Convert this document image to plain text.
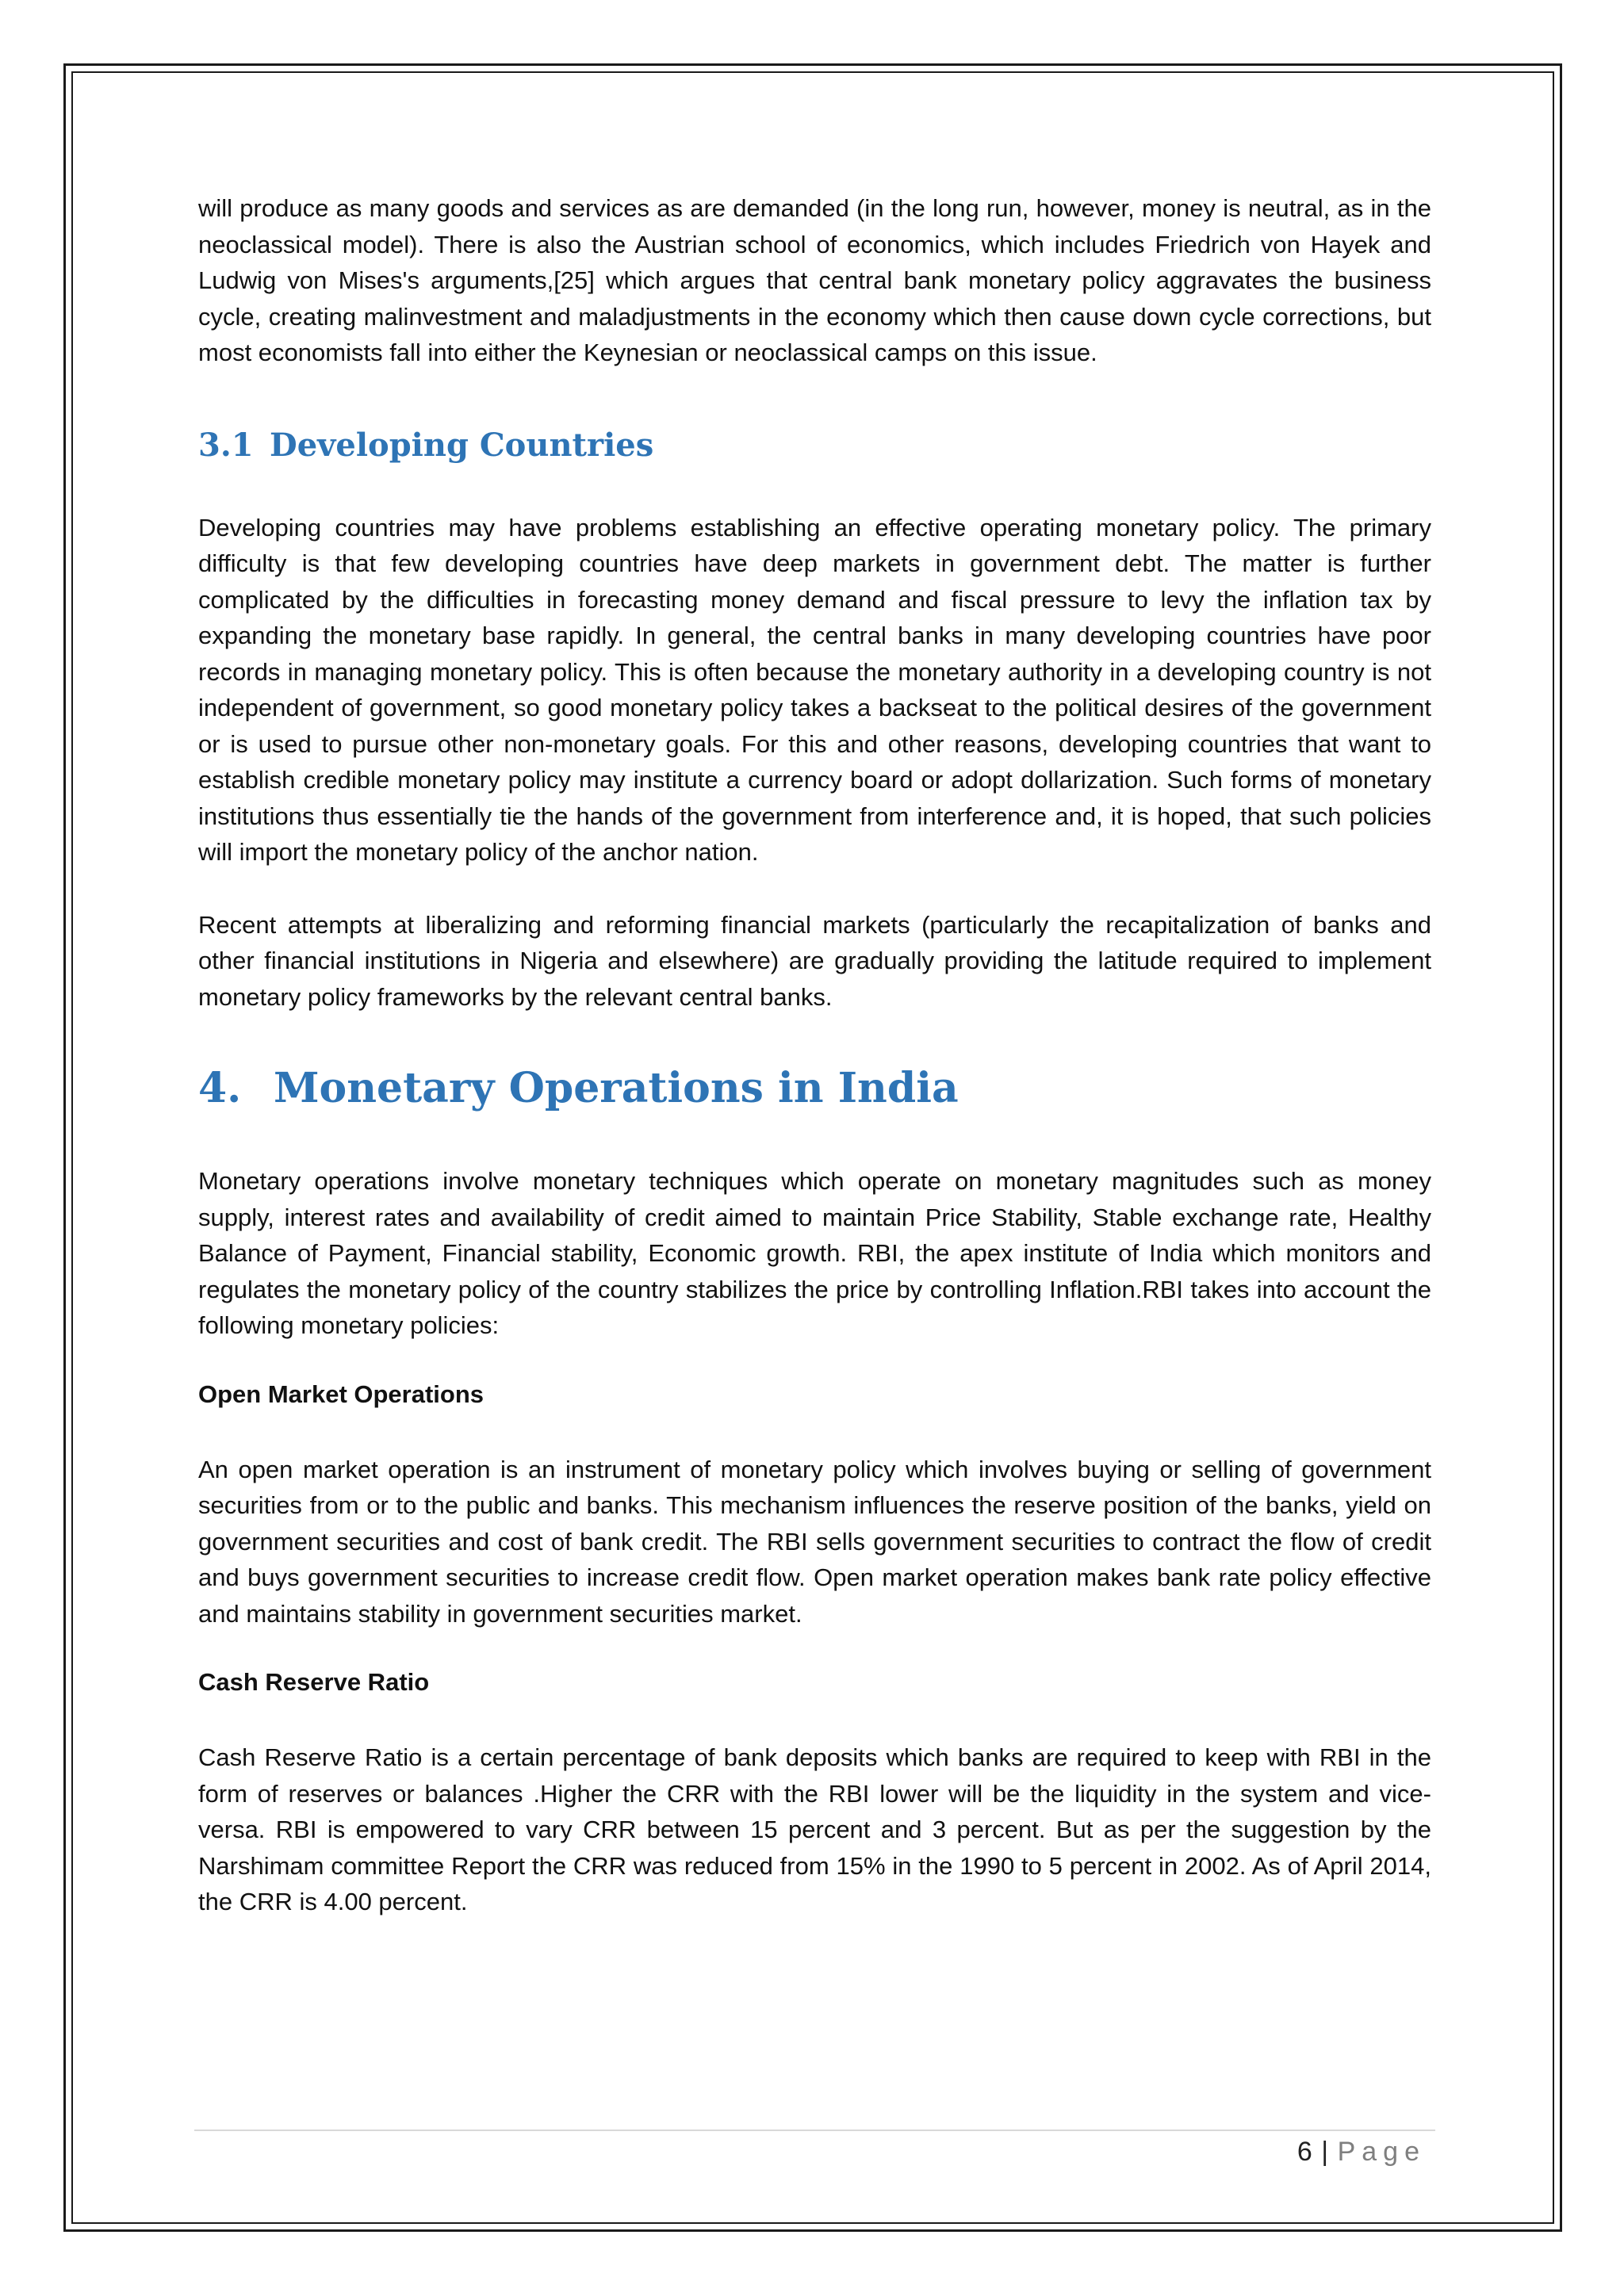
will produce as many goods and services as are demanded (in the long run, however, money is neutral, as in the neoclassical model). There is also the Austrian school of economics, which includes Friedrich von Hayek and Ludwig von Mises's arguments,[25] which argues that central bank monetary policy aggravates the business cycle, creating malinvestment and maladjustments in the economy which then cause down cycle corrections, but most economists fall into either the Keynesian or neoclassical camps on this issue.

3.1 Developing Countries

Developing countries may have problems establishing an effective operating monetary policy. The primary difficulty is that few developing countries have deep markets in government debt. The matter is further complicated by the difficulties in forecasting money demand and fiscal pressure to levy the inflation tax by expanding the monetary base rapidly. In general, the central banks in many developing countries have poor records in managing monetary policy. This is often because the monetary authority in a developing country is not independent of government, so good monetary policy takes a backseat to the political desires of the government or is used to pursue other non-monetary goals. For this and other reasons, developing countries that want to establish credible monetary policy may institute a currency board or adopt dollarization. Such forms of monetary institutions thus essentially tie the hands of the government from interference and, it is hoped, that such policies will import the monetary policy of the anchor nation.

Recent attempts at liberalizing and reforming financial markets (particularly the recapitalization of banks and other financial institutions in Nigeria and elsewhere) are gradually providing the latitude required to implement monetary policy frameworks by the relevant central banks.

4. Monetary Operations in India

Monetary operations involve monetary techniques which operate on monetary magnitudes such as money supply, interest rates and availability of credit aimed to maintain Price Stability, Stable exchange rate, Healthy Balance of Payment, Financial stability, Economic growth. RBI, the apex institute of India which monitors and regulates the monetary policy of the country stabilizes the price by controlling Inflation.RBI takes into account the following monetary policies:

Open Market Operations

An open market operation is an instrument of monetary policy which involves buying or selling of government securities from or to the public and banks. This mechanism influences the reserve position of the banks, yield on government securities and cost of bank credit. The RBI sells government securities to contract the flow of credit and buys government securities to increase credit flow. Open market operation makes bank rate policy effective and maintains stability in government securities market.

Cash Reserve Ratio

Cash Reserve Ratio is a certain percentage of bank deposits which banks are required to keep with RBI in the form of reserves or balances .Higher the CRR with the RBI lower will be the liquidity in the system and vice-versa. RBI is empowered to vary CRR between 15 percent and 3 percent. But as per the suggestion by the Narshimam committee Report the CRR was reduced from 15% in the 1990 to 5 percent in 2002. As of April 2014, the CRR is 4.00 percent.

6 | Page
